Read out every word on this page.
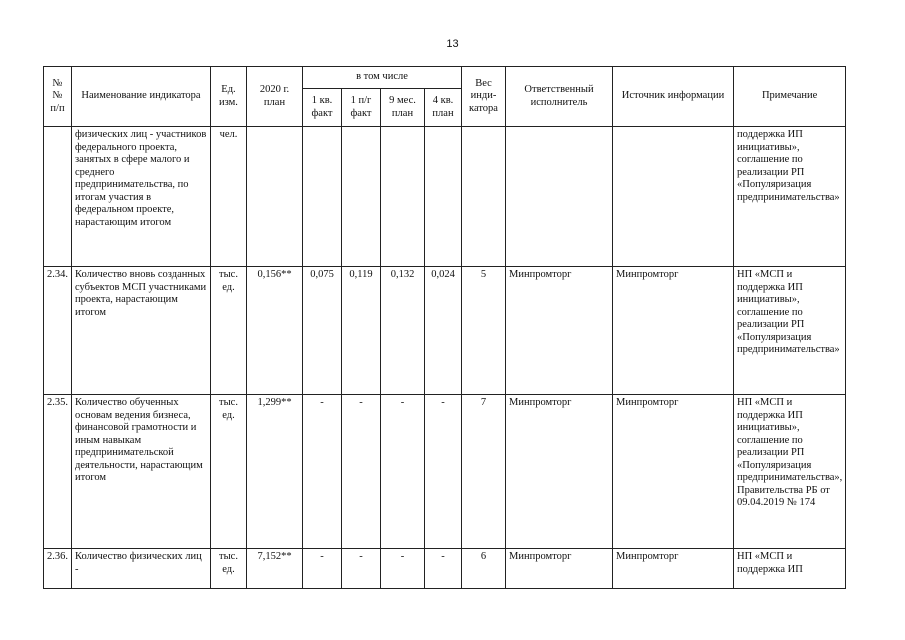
13
№
№
п/п	Наименование индикатора	Ед. изм.	2020 г. план	в том числе				Вес инди-катора	Ответственный исполнитель	Источник информации	Примечание
				1 кв. факт	1 п/г факт	9 мес. план	4 кв. план				
	физических лиц - участников федерального проекта, занятых в сфере малого и среднего предпринимательства, по итогам участия в федеральном проекте, нарастающим итогом	чел.									поддержка ИП инициативы», соглашение по реализации РП «Популяризация предпринимательства»
2.34.	Количество вновь созданных субъектов МСП участниками проекта, нарастающим итогом	тыс. ед.	0,156**	0,075	0,119	0,132	0,024	5	Минпромторг	Минпромторг	НП «МСП и поддержка ИП инициативы», соглашение по реализации РП «Популяризация предпринимательства»
2.35.	Количество обученных основам ведения бизнеса, финансовой грамотности и иным навыкам предпринимательской деятельности, нарастающим итогом	тыс. ед.	1,299**	-	-	-	-	7	Минпромторг	Минпромторг	НП «МСП и поддержка ИП инициативы», соглашение по реализации РП «Популяризация предпринимательства», Правительства РБ от 09.04.2019 № 174
2.36.	Количество физических лиц -	тыс. ед.	7,152**	-	-	-	-	6	Минпромторг	Минпромторг	НП «МСП и поддержка ИП
